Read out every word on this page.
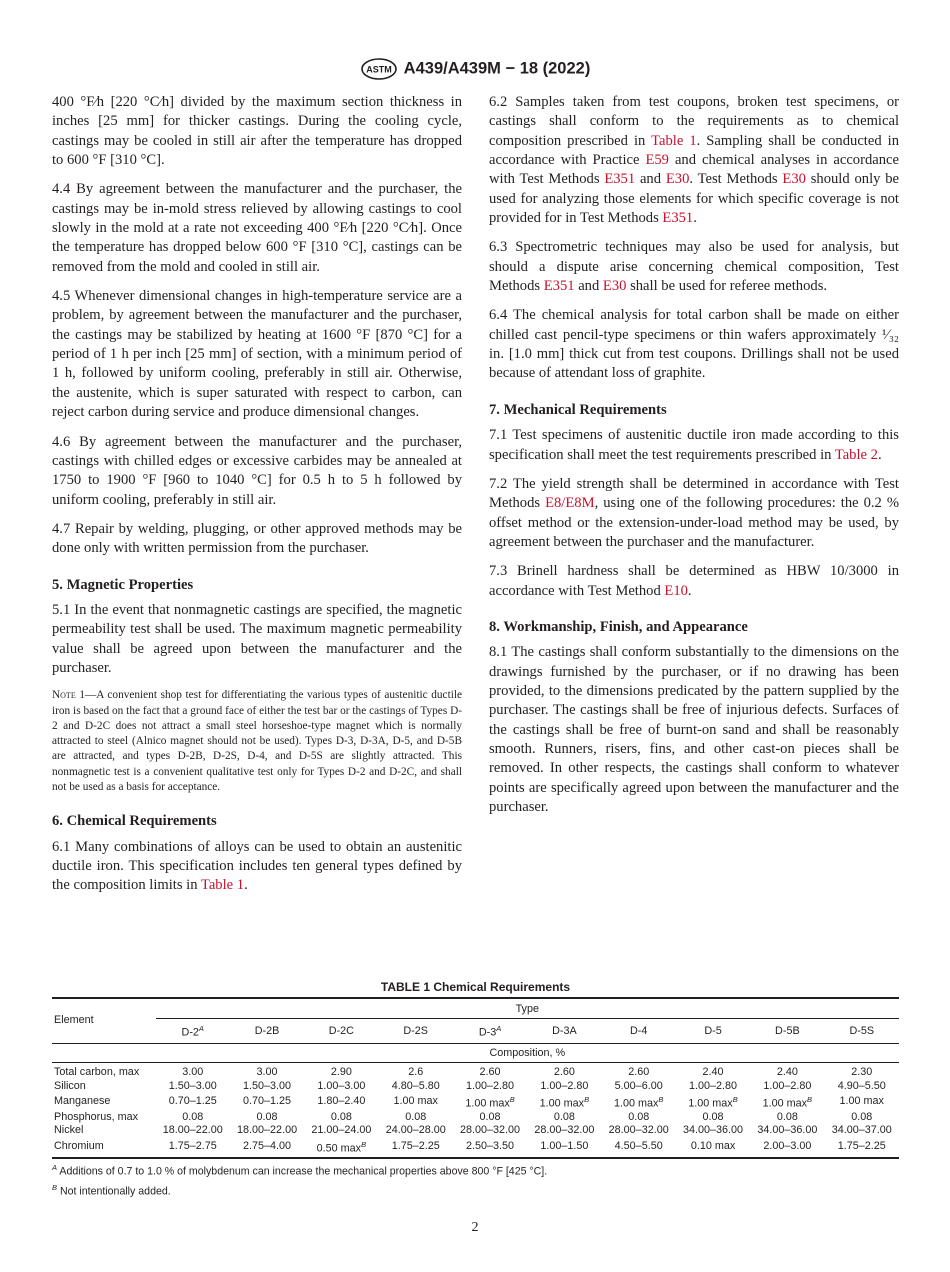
ASTM A439/A439M − 18 (2022)

400 °F⁄h [220 °C⁄h] divided by the maximum section thickness in inches [25 mm] for thicker castings. During the cooling cycle, castings may be cooled in still air after the temperature has dropped to 600 °F [310 °C].

4.4 By agreement between the manufacturer and the purchaser, the castings may be in-mold stress relieved by allowing castings to cool slowly in the mold at a rate not exceeding 400 °F⁄h [220 °C⁄h]. Once the temperature has dropped below 600 °F [310 °C], castings can be removed from the mold and cooled in still air.

4.5 Whenever dimensional changes in high-temperature service are a problem, by agreement between the manufacturer and the purchaser, the castings may be stabilized by heating at 1600 °F [870 °C] for a period of 1 h per inch [25 mm] of section, with a minimum period of 1 h, followed by uniform cooling, preferably in still air. Otherwise, the austenite, which is super saturated with respect to carbon, can reject carbon during service and produce dimensional changes.

4.6 By agreement between the manufacturer and the purchaser, castings with chilled edges or excessive carbides may be annealed at 1750 to 1900 °F [960 to 1040 °C] for 0.5 h to 5 h followed by uniform cooling, preferably in still air.

4.7 Repair by welding, plugging, or other approved methods may be done only with written permission from the purchaser.

5. Magnetic Properties

5.1 In the event that nonmagnetic castings are specified, the magnetic permeability test shall be used. The maximum magnetic permeability value shall be agreed upon between the manufacturer and the purchaser.

Note 1—A convenient shop test for differentiating the various types of austenitic ductile iron is based on the fact that a ground face of either the test bar or the castings of Types D-2 and D-2C does not attract a small steel horseshoe-type magnet which is normally attracted to steel (Alnico magnet should not be used). Types D-3, D-3A, D-5, and D-5B are attracted, and types D-2B, D-2S, D-4, and D-5S are slightly attracted. This nonmagnetic test is a convenient qualitative test only for Types D-2 and D-2C, and shall not be used as a basis for acceptance.

6. Chemical Requirements

6.1 Many combinations of alloys can be used to obtain an austenitic ductile iron. This specification includes ten general types defined by the composition limits in Table 1.

6.2 Samples taken from test coupons, broken test specimens, or castings shall conform to the requirements as to chemical composition prescribed in Table 1. Sampling shall be conducted in accordance with Practice E59 and chemical analyses in accordance with Test Methods E351 and E30. Test Methods E30 should only be used for analyzing those elements for which specific coverage is not provided for in Test Methods E351.

6.3 Spectrometric techniques may also be used for analysis, but should a dispute arise concerning chemical composition, Test Methods E351 and E30 shall be used for referee methods.

6.4 The chemical analysis for total carbon shall be made on either chilled cast pencil-type specimens or thin wafers approximately ¹⁄₃₂ in. [1.0 mm] thick cut from test coupons. Drillings shall not be used because of attendant loss of graphite.

7. Mechanical Requirements

7.1 Test specimens of austenitic ductile iron made according to this specification shall meet the test requirements prescribed in Table 2.

7.2 The yield strength shall be determined in accordance with Test Methods E8/E8M, using one of the following procedures: the 0.2 % offset method or the extension-under-load method may be used, by agreement between the purchaser and the manufacturer.

7.3 Brinell hardness shall be determined as HBW 10/3000 in accordance with Test Method E10.

8. Workmanship, Finish, and Appearance

8.1 The castings shall conform substantially to the dimensions on the drawings furnished by the purchaser, or if no drawing has been provided, to the dimensions predicated by the pattern supplied by the purchaser. The castings shall be free of injurious defects. Surfaces of the castings shall be free of burnt-on sand and shall be reasonably smooth. Runners, risers, fins, and other cast-on pieces shall be removed. In other respects, the castings shall conform to whatever points are specifically agreed upon between the manufacturer and the purchaser.

TABLE 1 Chemical Requirements
Element	Type									
	$D-2^A$	D-2B	D-2C	D-2S	$D-3^A$	D-3A	D-4	D-5	D-5B	D-5S
	Composition, %									
Total carbon, max	3.00	3.00	2.90	2.6	2.60	2.60	2.60	2.40	2.40	2.30
Silicon	1.50–3.00	1.50–3.00	1.00–3.00	4.80–5.80	1.00–2.80	1.00–2.80	5.00–6.00	1.00–2.80	1.00–2.80	4.90–5.50
Manganese	0.70–1.25	0.70–1.25	1.80–2.40	1.00 max	1.00 $\max^B$	1.00 $\max^B$	1.00 $\max^B$	1.00 $\max^B$	1.00 $\max^B$	1.00 max
Phosphorus, max	0.08	0.08	0.08	0.08	0.08	0.08	0.08	0.08	0.08	0.08
Nickel	18.00–22.00	18.00–22.00	21.00–24.00	24.00–28.00	28.00–32.00	28.00–32.00	28.00–32.00	34.00–36.00	34.00–36.00	34.00–37.00
Chromium	1.75–2.75	2.75–4.00	0.50 $\max^B$	1.75–2.25	2.50–3.50	1.00–1.50	4.50–5.50	0.10 max	2.00–3.00	1.75–2.25
$^A$ Additions of 0.7 to 1.0 % of molybdenum can increase the mechanical properties above 800 °F [425 °C].
$^B$ Not intentionally added.
2
